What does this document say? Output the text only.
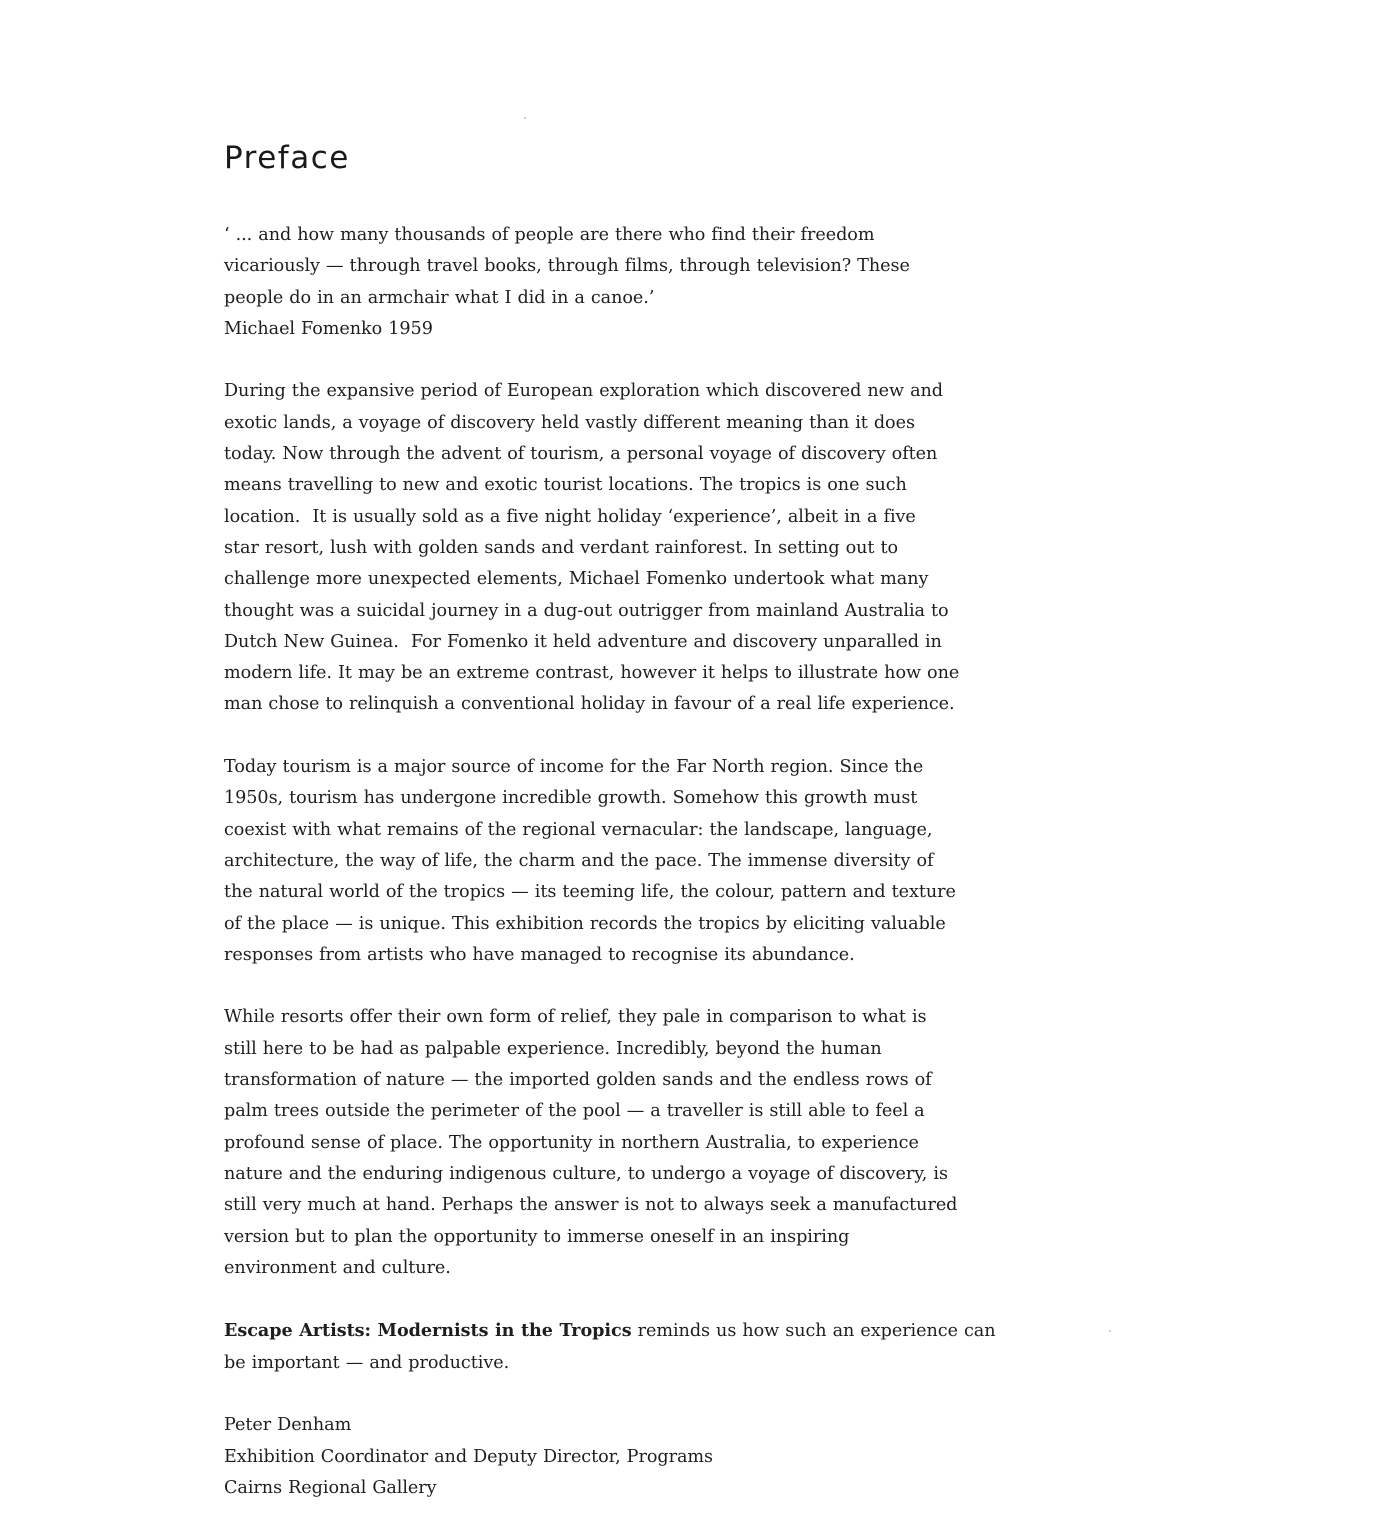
Preface
‘ ... and how many thousands of people are there who find their freedom
vicariously — through travel books, through films, through television? These
people do in an armchair what I did in a canoe.’
Michael Fomenko 1959
During the expansive period of European exploration which discovered new and
exotic lands, a voyage of discovery held vastly different meaning than it does
today. Now through the advent of tourism, a personal voyage of discovery often
means travelling to new and exotic tourist locations. The tropics is one such
location.  It is usually sold as a five night holiday ‘experience’, albeit in a five
star resort, lush with golden sands and verdant rainforest. In setting out to
challenge more unexpected elements, Michael Fomenko undertook what many
thought was a suicidal journey in a dug-out outrigger from mainland Australia to
Dutch New Guinea.  For Fomenko it held adventure and discovery unparalled in
modern life. It may be an extreme contrast, however it helps to illustrate how one
man chose to relinquish a conventional holiday in favour of a real life experience.
Today tourism is a major source of income for the Far North region. Since the
1950s, tourism has undergone incredible growth. Somehow this growth must
coexist with what remains of the regional vernacular: the landscape, language,
architecture, the way of life, the charm and the pace. The immense diversity of
the natural world of the tropics — its teeming life, the colour, pattern and texture
of the place — is unique. This exhibition records the tropics by eliciting valuable
responses from artists who have managed to recognise its abundance.
While resorts offer their own form of relief, they pale in comparison to what is
still here to be had as palpable experience. Incredibly, beyond the human
transformation of nature — the imported golden sands and the endless rows of
palm trees outside the perimeter of the pool — a traveller is still able to feel a
profound sense of place. The opportunity in northern Australia, to experience
nature and the enduring indigenous culture, to undergo a voyage of discovery, is
still very much at hand. Perhaps the answer is not to always seek a manufactured
version but to plan the opportunity to immerse oneself in an inspiring
environment and culture.
Escape Artists: Modernists in the Tropics reminds us how such an experience can
be important — and productive.
Peter Denham
Exhibition Coordinator and Deputy Director, Programs
Cairns Regional Gallery
